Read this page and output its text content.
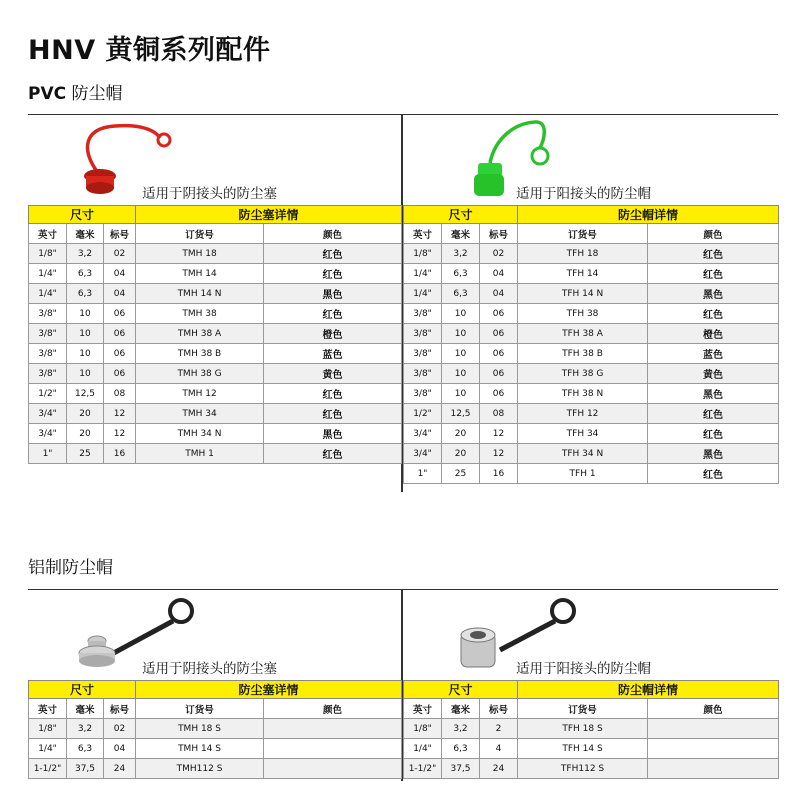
HNV 黄铜系列配件
PVC 防尘帽
适用于阴接头的防尘塞	适用于阳接头的防尘帽
尺寸			防尘塞详情	
英寸	毫米	标号	订货号	颜色
1/8"	3,2	02	TMH 18	红色
1/4"	6,3	04	TMH 14	红色
1/4"	6,3	04	TMH 14 N	黑色
3/8"	10	06	TMH 38	红色
3/8"	10	06	TMH 38 A	橙色
3/8"	10	06	TMH 38 B	蓝色
3/8"	10	06	TMH 38 G	黄色
1/2"	12,5	08	TMH 12	红色
3/4"	20	12	TMH 34	红色
3/4"	20	12	TMH 34 N	黑色
1"	25	16	TMH 1	红色
尺寸			防尘帽详情	
英寸	毫米	标号	订货号	颜色
1/8"	3,2	02	TFH 18	红色
1/4"	6,3	04	TFH 14	红色
1/4"	6,3	04	TFH 14 N	黑色
3/8"	10	06	TFH 38	红色
3/8"	10	06	TFH 38 A	橙色
3/8"	10	06	TFH 38 B	蓝色
3/8"	10	06	TFH 38 G	黄色
3/8"	10	06	TFH 38 N	黑色
1/2"	12,5	08	TFH 12	红色
3/4"	20	12	TFH 34	红色
3/4"	20	12	TFH 34 N	黑色
1"	25	16	TFH 1	红色
铝制防尘帽
适用于阴接头的防尘塞	适用于阳接头的防尘帽
尺寸			防尘塞详情	
英寸	毫米	标号	订货号	颜色
1/8"	3,2	02	TMH 18 S	
1/4"	6,3	04	TMH 14 S	
1-1/2"	37,5	24	TMH112 S	
尺寸			防尘帽详情	
英寸	毫米	标号	订货号	颜色
1/8"	3,2	2	TFH 18 S	
1/4"	6,3	4	TFH 14 S	
1-1/2"	37,5	24	TFH112 S	
